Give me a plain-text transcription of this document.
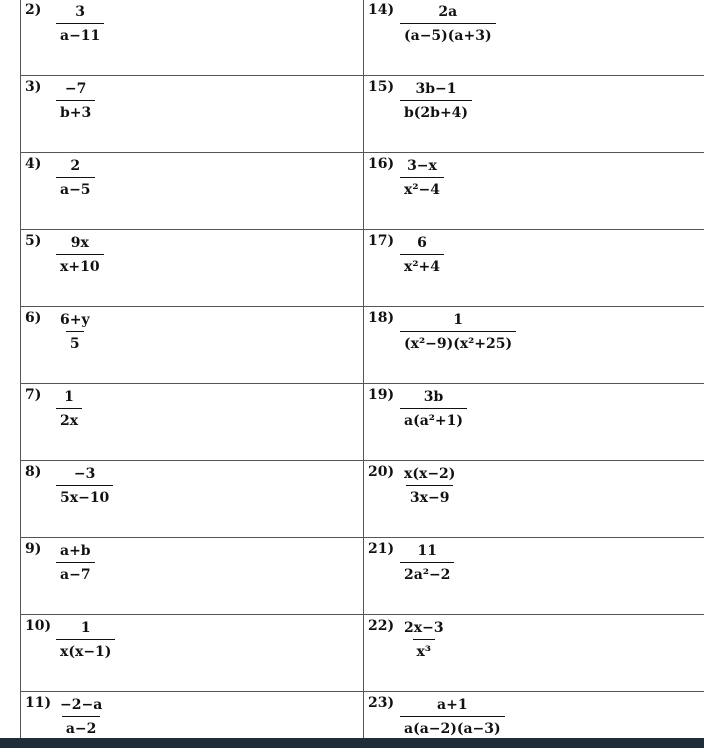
$2) \frac{3}{a-11}$	$14) \frac{2a}{(a-5)(a+3)}$
$3) \frac{-7}{b+3}$	$15) \frac{3b-1}{b(2b+4)}$
$4) \frac{2}{a-5}$	$16) \frac{3-x}{\text{x²−4}}$
$5) \frac{9x}{x+10}$	$17) \frac{6}{\text{x²+4}}$
$6) \frac{6+y}{5}$	$18) \frac{1}{\text{(x²−9)(x²+25)}}$
$7) \frac{1}{2x}$	$19) \frac{3b}{\text{a(a²+1)}}$
$8) \frac{-3}{5x-10}$	$20) \frac{x(x-2)}{3x-9}$
$9) \frac{a+b}{a-7}$	$21) \frac{11}{\text{2a²−2}}$
$10) \frac{1}{x(x-1)}$	$22) \frac{2x-3}{\text{x³}}$
$11) \frac{-2-a}{a-2}$	$23) \frac{a+1}{a(a-2)(a-3)}$
